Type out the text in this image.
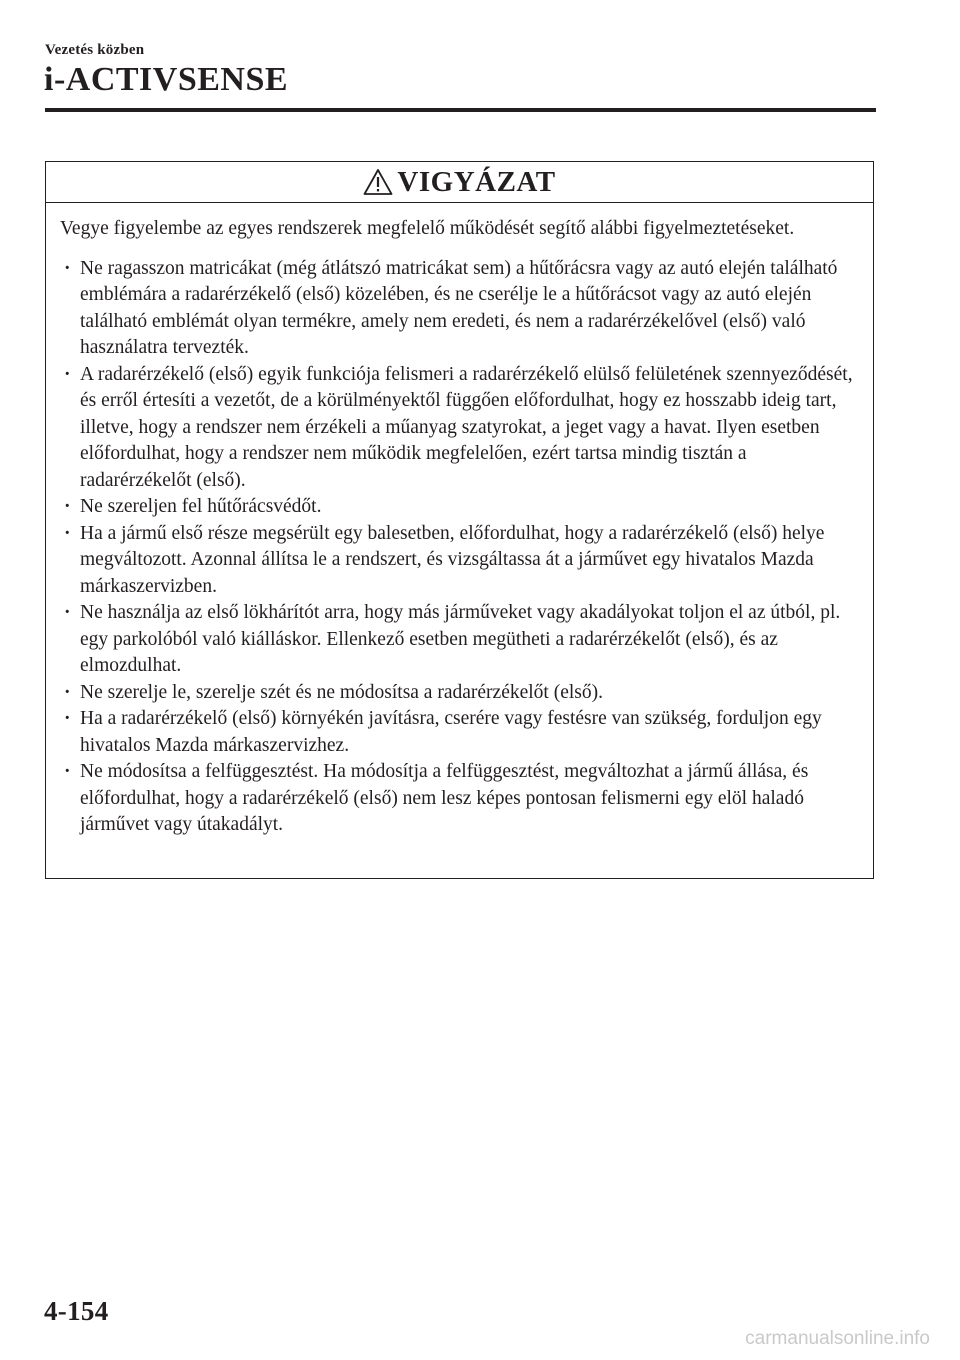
Vezetés közben
i-ACTIVSENSE
VIGYÁZAT

Vegye figyelembe az egyes rendszerek megfelelő működését segítő alábbi figyelmeztetéseket.

· Ne ragasszon matricákat (még átlátszó matricákat sem) a hűtőrácsra vagy az autó elején található emblémára a radarérzékelő (első) közelében, és ne cserélje le a hűtőrácsot vagy az autó elején található emblémát olyan termékre, amely nem eredeti, és nem a radarérzékelővel (első) való használatra tervezték.
· A radarérzékelő (első) egyik funkciója felismeri a radarérzékelő elülső felületének szennyeződését, és erről értesíti a vezetőt, de a körülményektől függően előfordulhat, hogy ez hosszabb ideig tart, illetve, hogy a rendszer nem érzékeli a műanyag szatyrokat, a jeget vagy a havat. Ilyen esetben előfordulhat, hogy a rendszer nem működik megfelelően, ezért tartsa mindig tisztán a radarérzékelőt (első).
· Ne szereljen fel hűtőrácsvédőt.
· Ha a jármű első része megsérült egy balesetben, előfordulhat, hogy a radarérzékelő (első) helye megváltozott. Azonnal állítsa le a rendszert, és vizsgáltassa át a járművet egy hivatalos Mazda márkaszervizben.
· Ne használja az első lökhárítót arra, hogy más járműveket vagy akadályokat toljon el az útból, pl. egy parkolóból való kiálláskor. Ellenkező esetben megütheti a radarérzékelőt (első), és az elmozdulhat.
· Ne szerelje le, szerelje szét és ne módosítsa a radarérzékelőt (első).
· Ha a radarérzékelő (első) környékén javításra, cserére vagy festésre van szükség, forduljon egy hivatalos Mazda márkaszervizhez.
· Ne módosítsa a felfüggesztést. Ha módosítja a felfüggesztést, megváltozhat a jármű állása, és előfordulhat, hogy a radarérzékelő (első) nem lesz képes pontosan felismerni egy elöl haladó járművet vagy útakadályt.
4-154
carmanualsonline.info
